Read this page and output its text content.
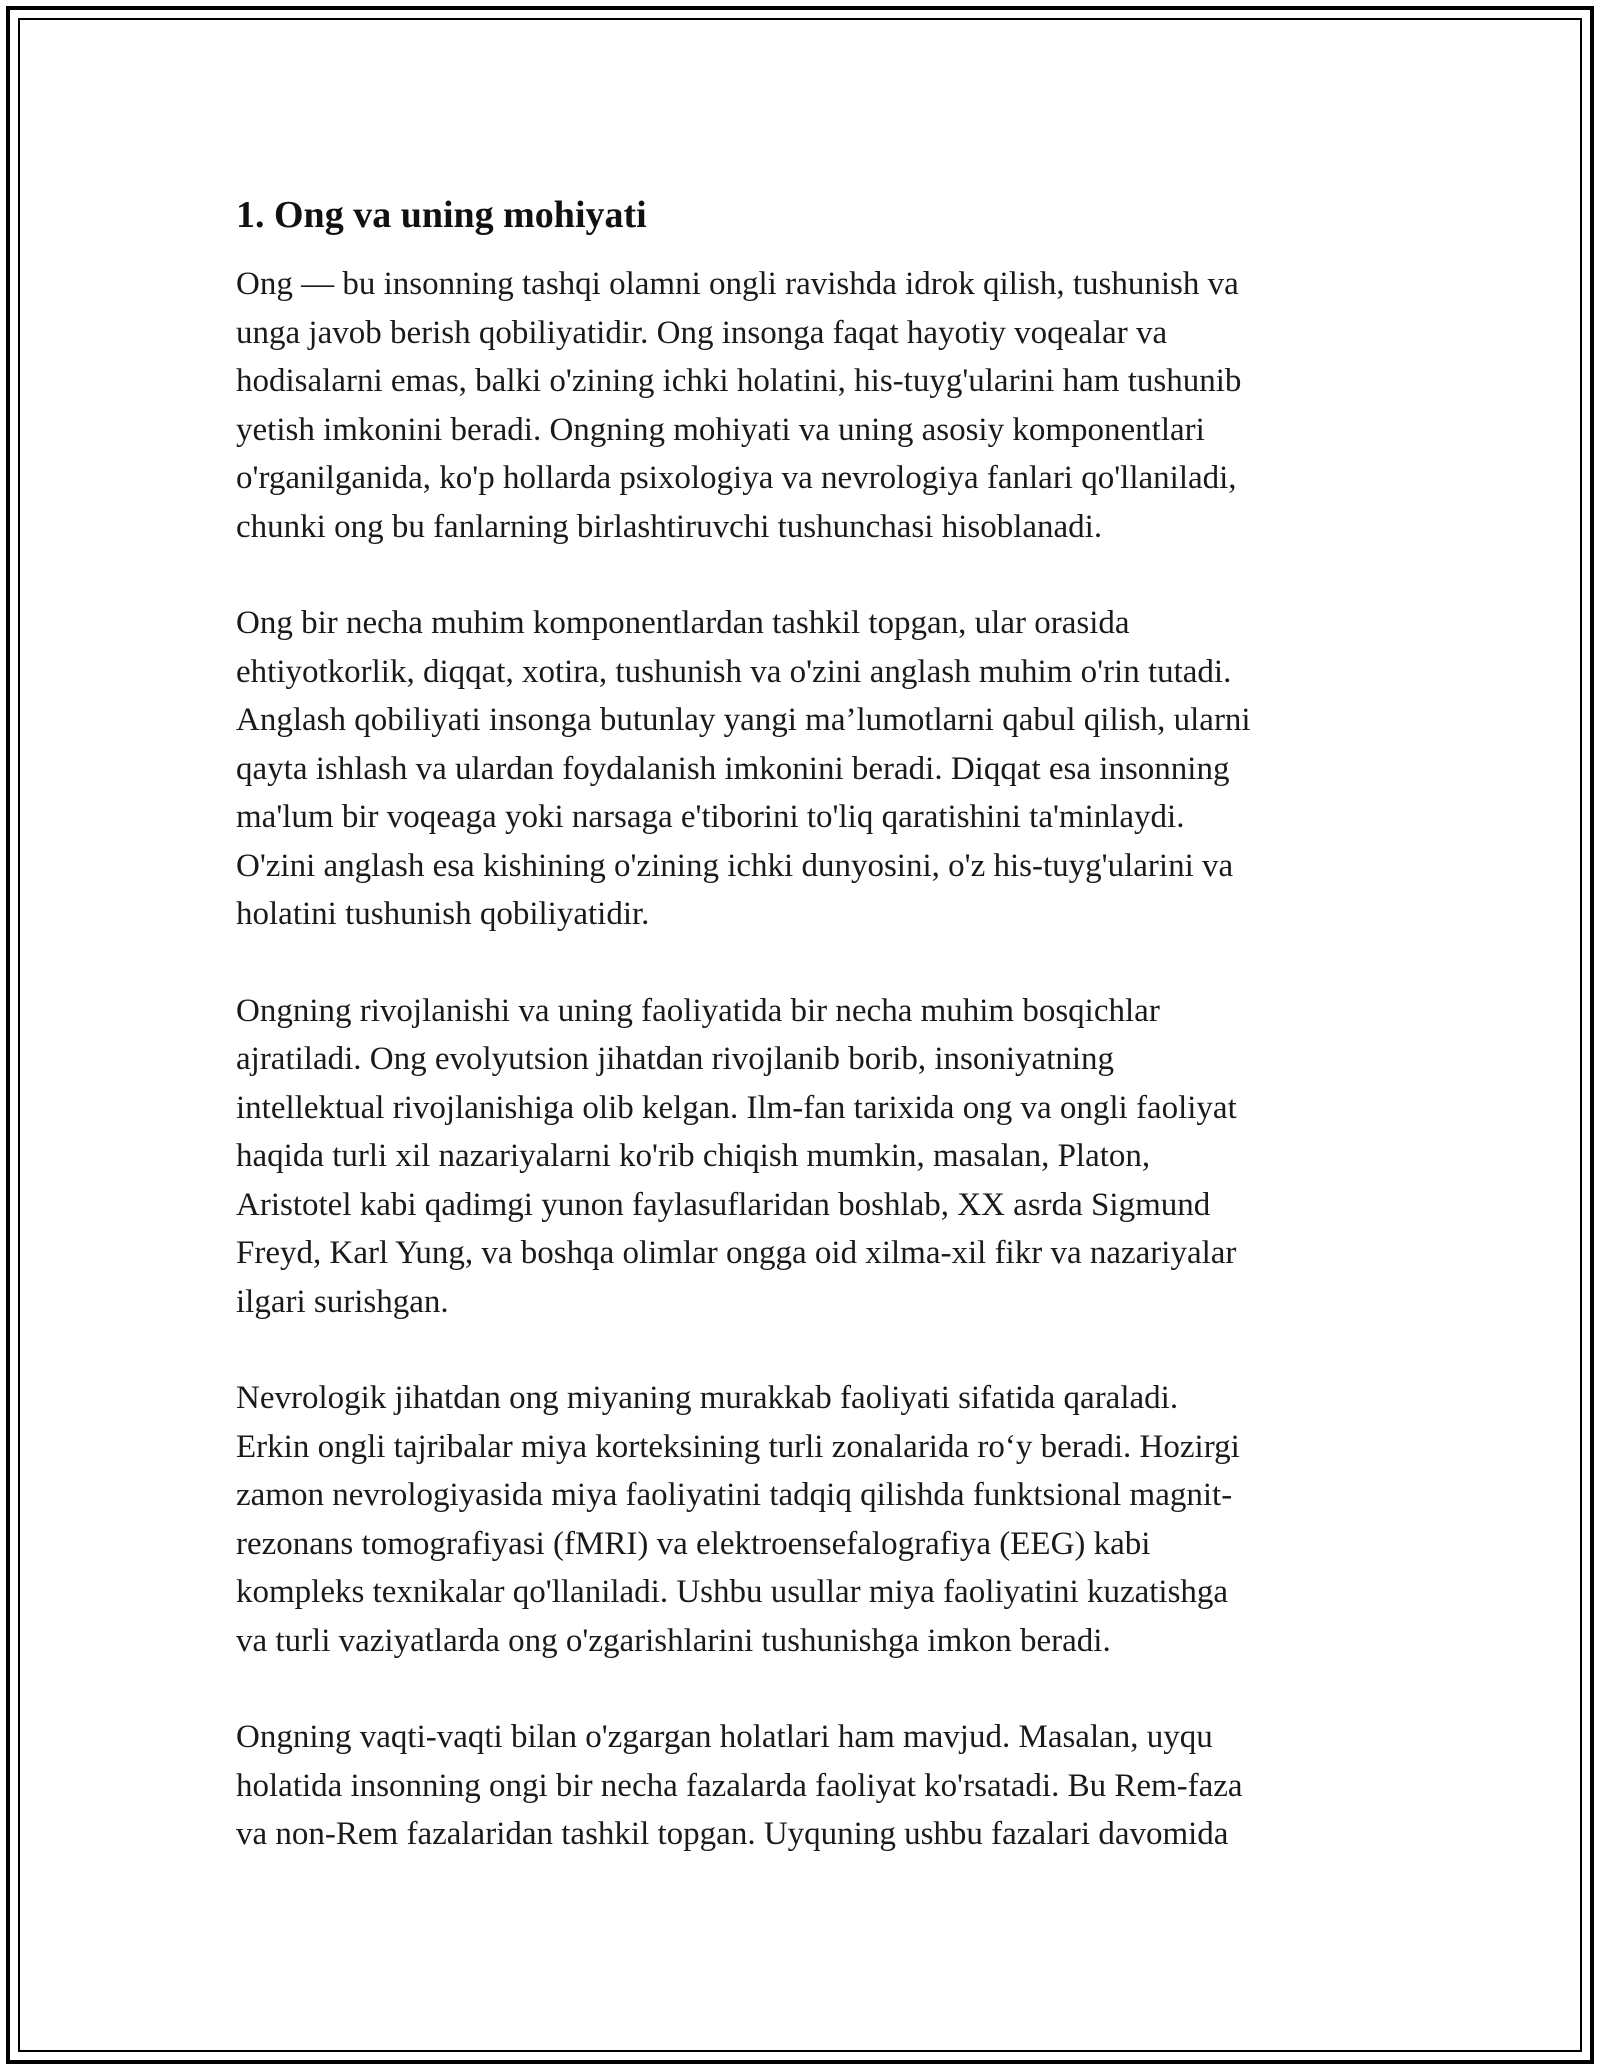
1. Ong va uning mohiyati

Ong — bu insonning tashqi olamni ongli ravishda idrok qilish, tushunish va
unga javob berish qobiliyatidir. Ong insonga faqat hayotiy voqealar va
hodisalarni emas, balki o'zining ichki holatini, his-tuyg'ularini ham tushunib
yetish imkonini beradi. Ongning mohiyati va uning asosiy komponentlari
o'rganilganida, ko'p hollarda psixologiya va nevrologiya fanlari qo'llaniladi,
chunki ong bu fanlarning birlashtiruvchi tushunchasi hisoblanadi.

Ong bir necha muhim komponentlardan tashkil topgan, ular orasida
ehtiyotkorlik, diqqat, xotira, tushunish va o'zini anglash muhim o'rin tutadi.
Anglash qobiliyati insonga butunlay yangi ma’lumotlarni qabul qilish, ularni
qayta ishlash va ulardan foydalanish imkonini beradi. Diqqat esa insonning
ma'lum bir voqeaga yoki narsaga e'tiborini to'liq qaratishini ta'minlaydi.
O'zini anglash esa kishining o'zining ichki dunyosini, o'z his-tuyg'ularini va
holatini tushunish qobiliyatidir.

Ongning rivojlanishi va uning faoliyatida bir necha muhim bosqichlar
ajratiladi. Ong evolyutsion jihatdan rivojlanib borib, insoniyatning
intellektual rivojlanishiga olib kelgan. Ilm-fan tarixida ong va ongli faoliyat
haqida turli xil nazariyalarni ko'rib chiqish mumkin, masalan, Platon,
Aristotel kabi qadimgi yunon faylasuflaridan boshlab, XX asrda Sigmund
Freyd, Karl Yung, va boshqa olimlar ongga oid xilma-xil fikr va nazariyalar
ilgari surishgan.

Nevrologik jihatdan ong miyaning murakkab faoliyati sifatida qaraladi.
Erkin ongli tajribalar miya korteksining turli zonalarida ro‘y beradi. Hozirgi
zamon nevrologiyasida miya faoliyatini tadqiq qilishda funktsional magnit-
rezonans tomografiyasi (fMRI) va elektroensefalografiya (EEG) kabi
kompleks texnikalar qo'llaniladi. Ushbu usullar miya faoliyatini kuzatishga
va turli vaziyatlarda ong o'zgarishlarini tushunishga imkon beradi.

Ongning vaqti-vaqti bilan o'zgargan holatlari ham mavjud. Masalan, uyqu
holatida insonning ongi bir necha fazalarda faoliyat ko'rsatadi. Bu Rem-faza
va non-Rem fazalaridan tashkil topgan. Uyquning ushbu fazalari davomida
